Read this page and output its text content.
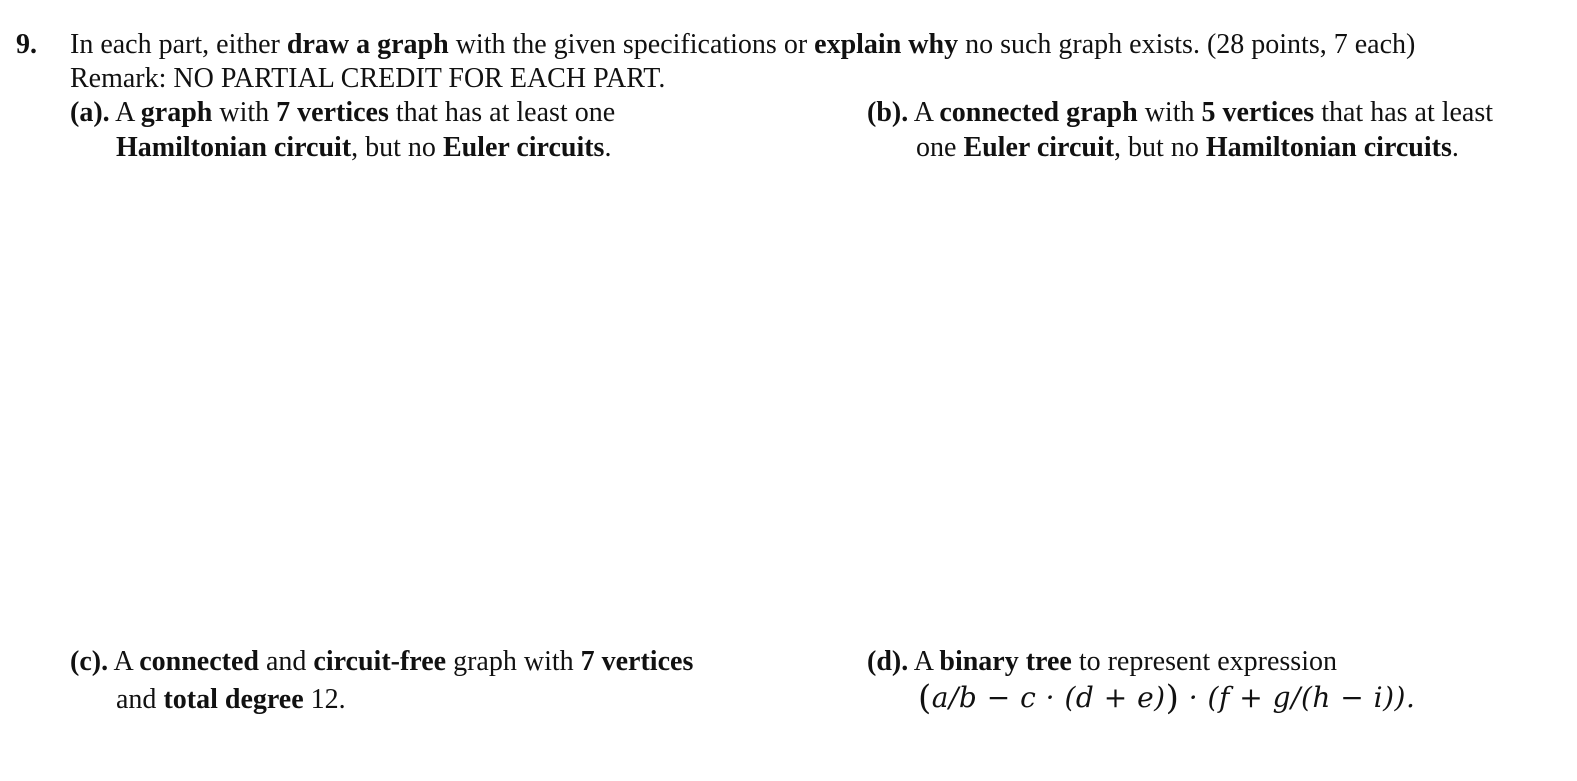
9. In each part, either draw a graph with the given specifications or explain why no such graph exists. (28 points, 7 each)
Remark: NO PARTIAL CREDIT FOR EACH PART.
(a). A graph with 7 vertices that has at least one
Hamiltonian circuit, but no Euler circuits.
(b). A connected graph with 5 vertices that has at least
one Euler circuit, but no Hamiltonian circuits.
(c). A connected and circuit-free graph with 7 vertices
and total degree 12.
(d). A binary tree to represent expression
(a/b − c · (d + e)) · (f + g/(h − i)).
